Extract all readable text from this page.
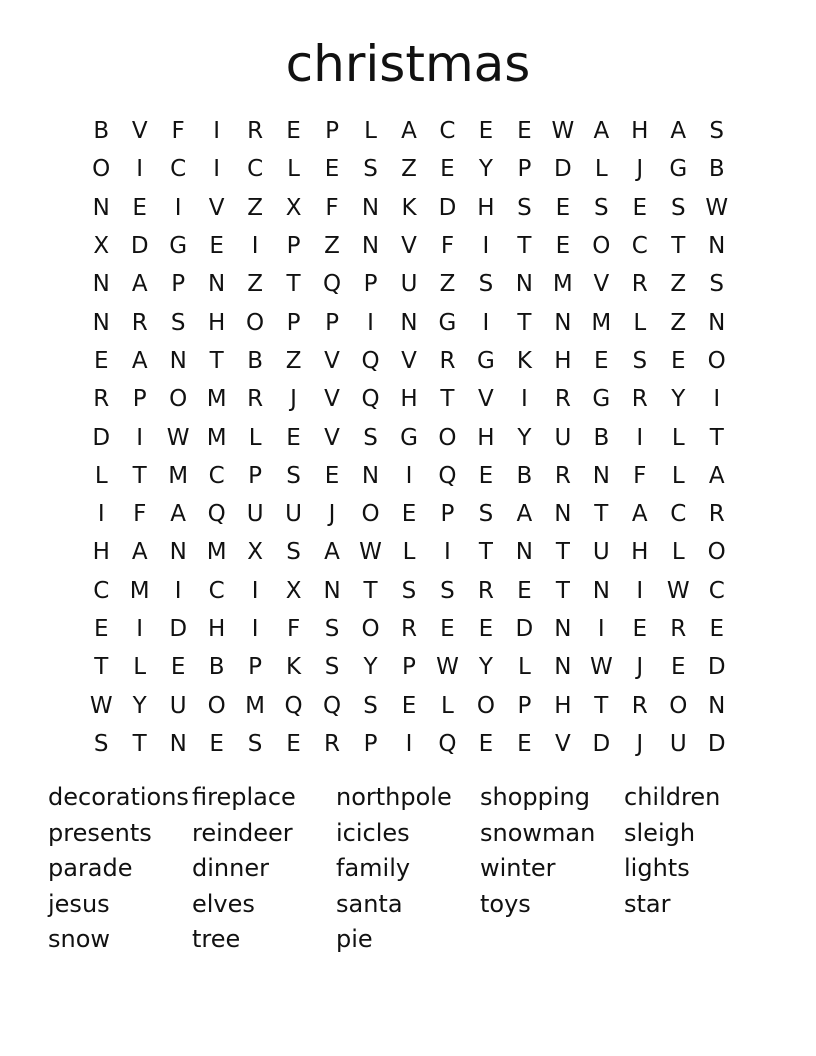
christmas
B V	F	I	R	E	P	L	A C	E	E W A H A	S
O	I	C	I	C	L	E	S	Z	E	Y	P D	L	J	G B
N E	I	V Z X	F	N K D H S	E	S	E	S W
X D G E	I	P	Z N V	F	I	T	E O C	T N
N A	P N Z	T Q P	U Z	S N M V R Z	S
N R	S H O P	P	I	N G	I	T N M L	Z N
E	A N T	B Z V Q V R G K H E	S	E O
R	P O M R	J	V Q H T	V	I	R G R	Y	I
D	I	W M L	E	V	S G O H Y	U B	I	L	T
L	T M C	P	S	E N	I	Q E	B R N	F	L	A
I	F	A Q U U	J	O E	P	S	A N T	A C R
H A N M X	S	A W L	I	T N T	U H	L	O
C M	I	C	I	X N T	S	S	R	E	T N	I	W C
E	I	D H	I	F	S O R	E	E D N	I	E	R	E
T	L	E	B	P	K	S	Y	P W Y	L	N W	J	E D
W Y	U O M Q Q S	E	L	O P H T	R O N
S	T N E	S	E	R	P	I	Q E	E	V D	J	U D
decorations fireplace	northpole	shopping	children
presents	reindeer	icicles	snowman	sleigh
parade	dinner	family	winter	lights
jesus	elves	santa	toys	star
snow	tree	pie
